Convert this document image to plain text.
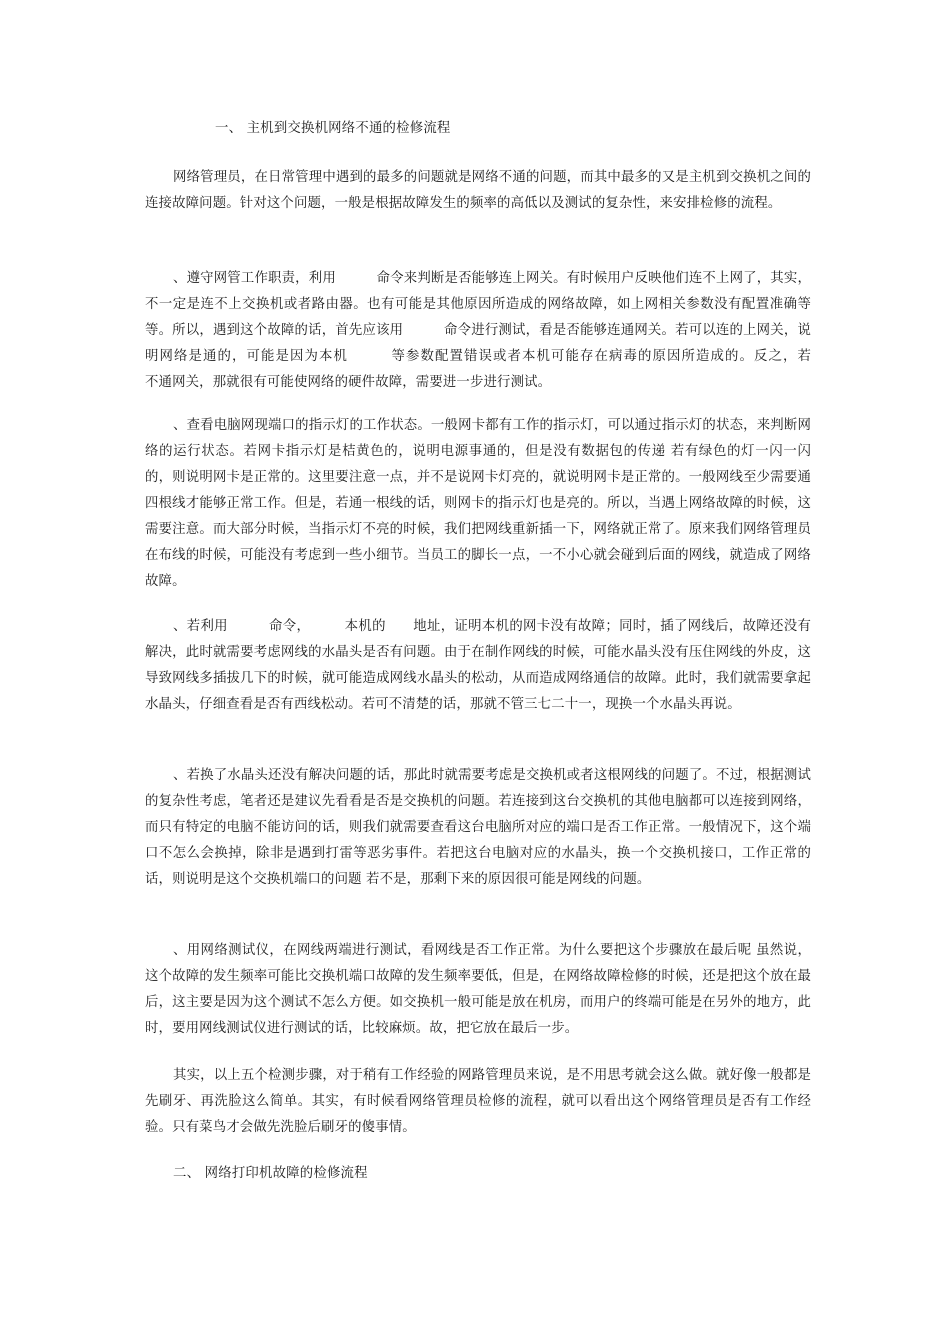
一、 主机到交换机网络不通的检修流程

网络管理员，在日常管理中遇到的最多的问题就是网络不通的问题，而其中最多的又是主机到交换机之间的连接故障问题。针对这个问题，一般是根据故障发生的频率的高低以及测试的复杂性，来安排检修的流程。

、遵守网管工作职责，利用　　　命令来判断是否能够连上网关。有时候用户反映他们连不上网了，其实，不一定是连不上交换机或者路由器。也有可能是其他原因所造成的网络故障，如上网相关参数没有配置准确等等。所以，遇到这个故障的话，首先应该用　　　命令进行测试，看是否能够连通网关。若可以连的上网关，说明网络是通的，可能是因为本机　　　等参数配置错误或者本机可能存在病毒的原因所造成的。反之，若　　　不通网关，那就很有可能使网络的硬件故障，需要进一步进行测试。

、查看电脑网现端口的指示灯的工作状态。一般网卡都有工作的指示灯，可以通过指示灯的状态，来判断网络的运行状态。若网卡指示灯是桔黄色的，说明电源事通的，但是没有数据包的传递 若有绿色的灯一闪一闪的，则说明网卡是正常的。这里要注意一点，并不是说网卡灯亮的，就说明网卡是正常的。一般网线至少需要通四根线才能够正常工作。但是，若通一根线的话，则网卡的指示灯也是亮的。所以，当遇上网络故障的时候，这需要注意。而大部分时候，当指示灯不亮的时候，我们把网线重新插一下，网络就正常了。原来我们网络管理员在布线的时候，可能没有考虑到一些小细节。当员工的脚长一点，一不小心就会碰到后面的网线，就造成了网络故障。

、若利用　　　命令，　　　本机的　　地址，证明本机的网卡没有故障；同时，插了网线后，故障还没有解决，此时就需要考虑网线的水晶头是否有问题。由于在制作网线的时候，可能水晶头没有压住网线的外皮，这导致网线多插拔几下的时候，就可能造成网线水晶头的松动，从而造成网络通信的故障。此时，我们就需要拿起水晶头，仔细查看是否有西线松动。若可不清楚的话，那就不管三七二十一，现换一个水晶头再说。

、若换了水晶头还没有解决问题的话，那此时就需要考虑是交换机或者这根网线的问题了。不过，根据测试的复杂性考虑，笔者还是建议先看看是否是交换机的问题。若连接到这台交换机的其他电脑都可以连接到网络，而只有特定的电脑不能访问的话，则我们就需要查看这台电脑所对应的端口是否工作正常。一般情况下，这个端口不怎么会换掉，除非是遇到打雷等恶劣事件。若把这台电脑对应的水晶头，换一个交换机接口，工作正常的话，则说明是这个交换机端口的问题 若不是，那剩下来的原因很可能是网线的问题。

、用网络测试仪，在网线两端进行测试，看网线是否工作正常。为什么要把这个步骤放在最后呢 虽然说，这个故障的发生频率可能比交换机端口故障的发生频率要低，但是，在网络故障检修的时候，还是把这个放在最后，这主要是因为这个测试不怎么方便。如交换机一般可能是放在机房，而用户的终端可能是在另外的地方，此时，要用网线测试仪进行测试的话，比较麻烦。故，把它放在最后一步。

其实，以上五个检测步骤，对于稍有工作经验的网路管理员来说，是不用思考就会这么做。就好像一般都是先刷牙、再洗脸这么简单。其实，有时候看网络管理员检修的流程，就可以看出这个网络管理员是否有工作经验。只有菜鸟才会做先洗脸后刷牙的傻事情。

二、 网络打印机故障的检修流程
